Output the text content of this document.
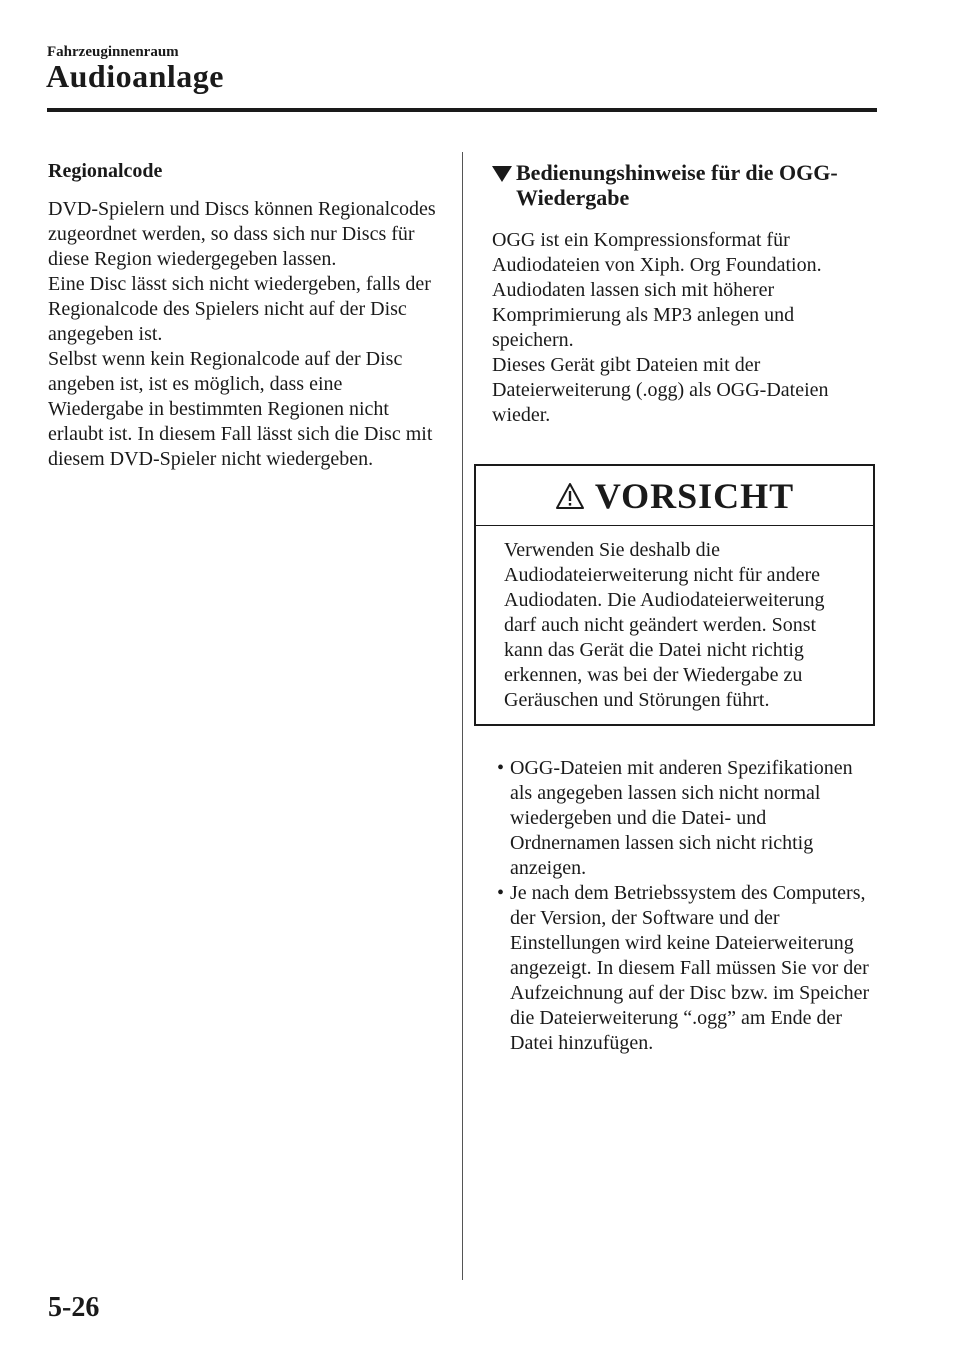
Fahrzeuginnenraum
Audioanlage
Regionalcode

DVD-Spielern und Discs können Regionalcodes zugeordnet werden, so dass sich nur Discs für diese Region wiedergegeben lassen.

Eine Disc lässt sich nicht wiedergeben, falls der Regionalcode des Spielers nicht auf der Disc angegeben ist.

Selbst wenn kein Regionalcode auf der Disc angeben ist, ist es möglich, dass eine Wiedergabe in bestimmten Regionen nicht erlaubt ist. In diesem Fall lässt sich die Disc mit diesem DVD-Spieler nicht wiedergeben.

Bedienungshinweise für die OGG-Wiedergabe

OGG ist ein Kompressionsformat für Audiodateien von Xiph. Org Foundation. Audiodaten lassen sich mit höherer Komprimierung als MP3 anlegen und speichern.

Dieses Gerät gibt Dateien mit der Dateierweiterung (.ogg) als OGG-Dateien wieder.

VORSICHT
Verwenden Sie deshalb die Audiodateierweiterung nicht für andere Audiodaten. Die Audiodateierweiterung darf auch nicht geändert werden. Sonst kann das Gerät die Datei nicht richtig erkennen, was bei der Wiedergabe zu Geräuschen und Störungen führt.
• OGG-Dateien mit anderen Spezifikationen als angegeben lassen sich nicht normal wiedergeben und die Datei- und Ordnernamen lassen sich nicht richtig anzeigen.
• Je nach dem Betriebssystem des Computers, der Version, der Software und der Einstellungen wird keine Dateierweiterung angezeigt. In diesem Fall müssen Sie vor der Aufzeichnung auf der Disc bzw. im Speicher die Dateierweiterung “.ogg” am Ende der Datei hinzufügen.
5-26
